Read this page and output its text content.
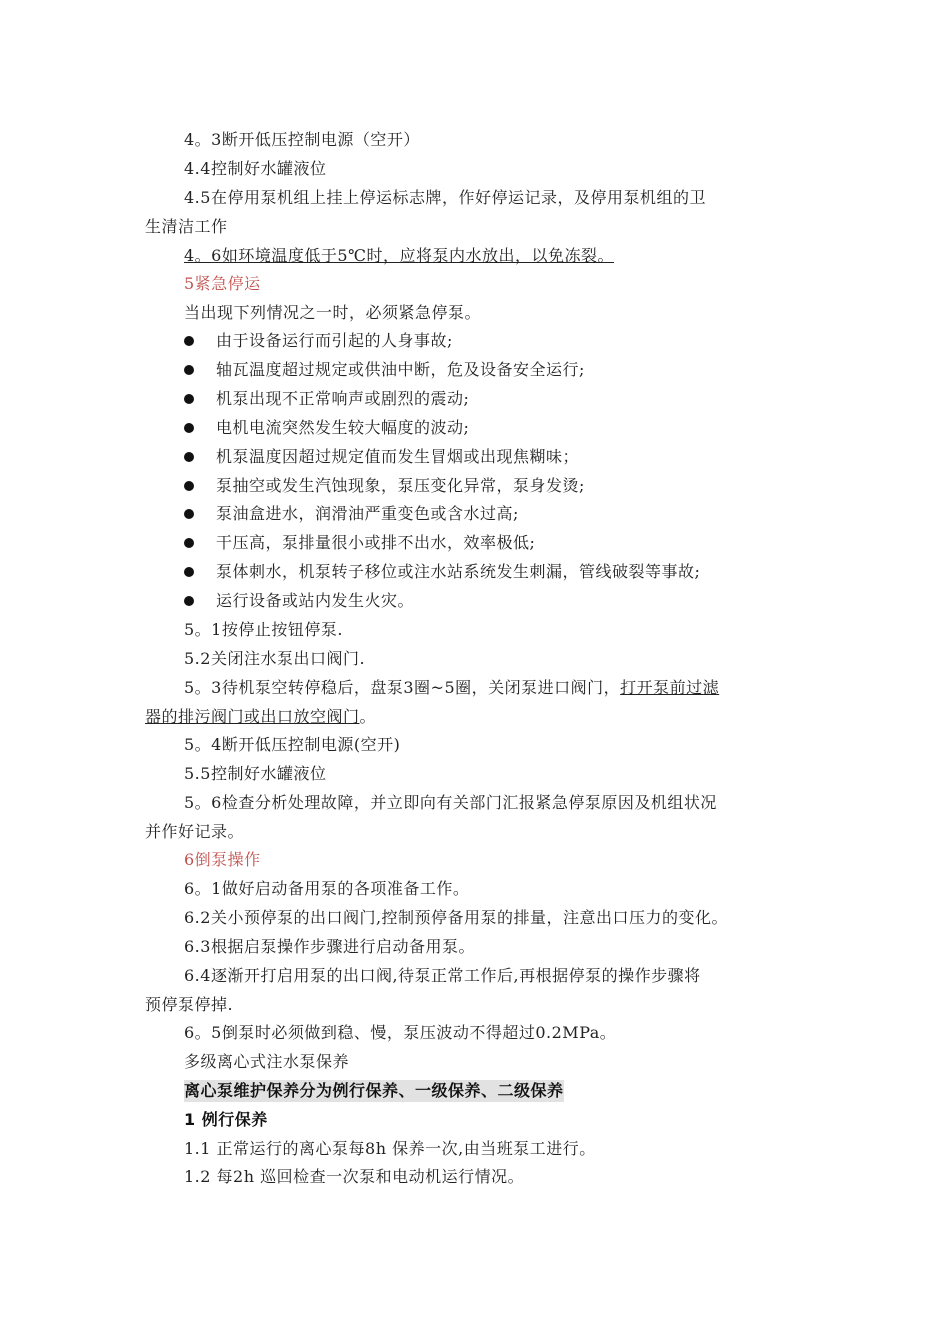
4。3断开低压控制电源（空开）
4.4控制好水罐液位
4.5在停用泵机组上挂上停运标志牌，作好停运记录，及停用泵机组的卫
生清洁工作
4。6如环境温度低于5℃时，应将泵内水放出，以免冻裂。
5紧急停运
当出现下列情况之一时，必须紧急停泵。
由于设备运行而引起的人身事故;
轴瓦温度超过规定或供油中断，危及设备安全运行;
机泵出现不正常响声或剧烈的震动;
电机电流突然发生较大幅度的波动;
机泵温度因超过规定值而发生冒烟或出现焦糊味；
泵抽空或发生汽蚀现象，泵压变化异常，泵身发烫;
泵油盒进水，润滑油严重变色或含水过高;
干压高，泵排量很小或排不出水，效率极低;
泵体刺水，机泵转子移位或注水站系统发生刺漏，管线破裂等事故;
运行设备或站内发生火灾。
5。1按停止按钮停泵.
5.2关闭注水泵出口阀门.
5。3待机泵空转停稳后，盘泵3圈~5圈，关闭泵进口阀门，打开泵前过滤
器的排污阀门或出口放空阀门。
5。4断开低压控制电源(空开)
5.5控制好水罐液位
5。6检查分析处理故障，并立即向有关部门汇报紧急停泵原因及机组状况
并作好记录。
6倒泵操作
6。1做好启动备用泵的各项准备工作。
6.2关小预停泵的出口阀门,控制预停备用泵的排量，注意出口压力的变化。
6.3根据启泵操作步骤进行启动备用泵。
6.4逐渐开打启用泵的出口阀,待泵正常工作后,再根据停泵的操作步骤将
预停泵停掉.
6。5倒泵时必须做到稳、慢，泵压波动不得超过0.2MPa。
多级离心式注水泵保养
离心泵维护保养分为例行保养、一级保养、二级保养
1 例行保养
1.1 正常运行的离心泵每8h 保养一次,由当班泵工进行。
1.2 每2h 巡回检查一次泵和电动机运行情况。
